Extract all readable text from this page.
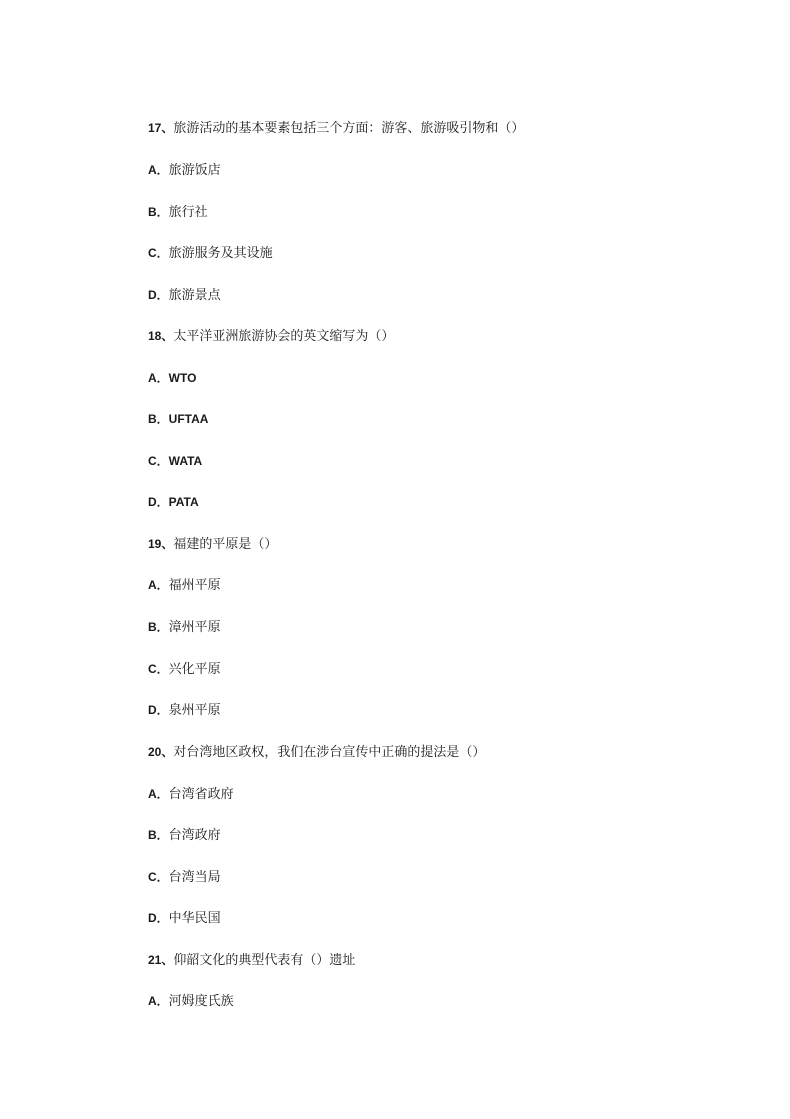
17、旅游活动的基本要素包括三个方面：游客、旅游吸引物和（）
A．旅游饭店
B．旅行社
C．旅游服务及其设施
D．旅游景点
18、太平洋亚洲旅游协会的英文缩写为（）
A．WTO
B．UFTAA
C．WATA
D．PATA
19、福建的平原是（）
A．福州平原
B．漳州平原
C．兴化平原
D．泉州平原
20、对台湾地区政权，我们在涉台宣传中正确的提法是（）
A．台湾省政府
B．台湾政府
C．台湾当局
D．中华民国
21、仰韶文化的典型代表有（）遗址
A．河姆度氏族
